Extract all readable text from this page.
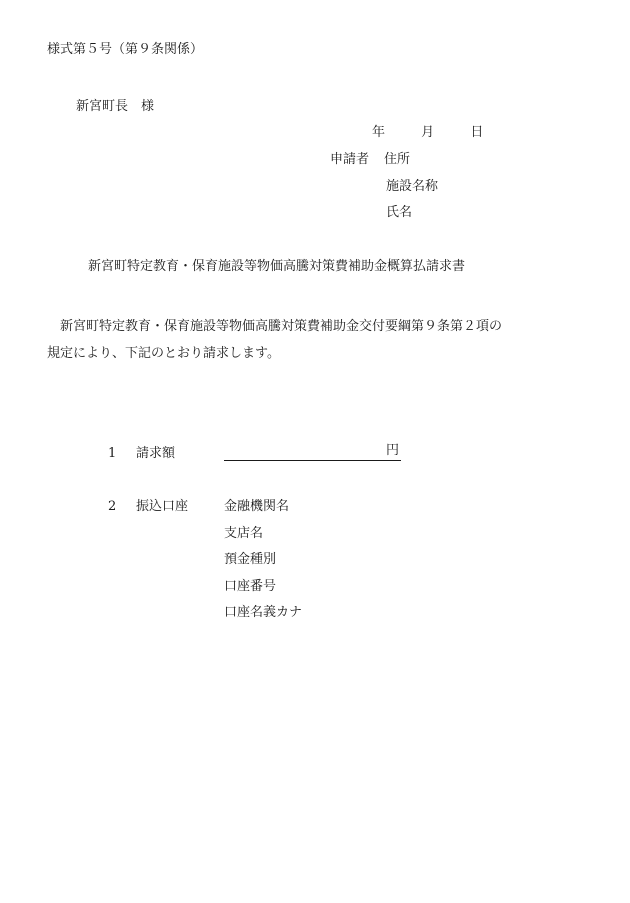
様式第５号（第９条関係）
新宮町長　様
年	月	日
申請者 住所
施設名称
氏名
新宮町特定教育・保育施設等物価高騰対策費補助金概算払請求書
新宮町特定教育・保育施設等物価高騰対策費補助金交付要綱第９条第２項の
規定により、下記のとおり請求します。
1 請求額	円
2 振込口座	金融機関名
支店名
預金種別
口座番号
口座名義カナ
